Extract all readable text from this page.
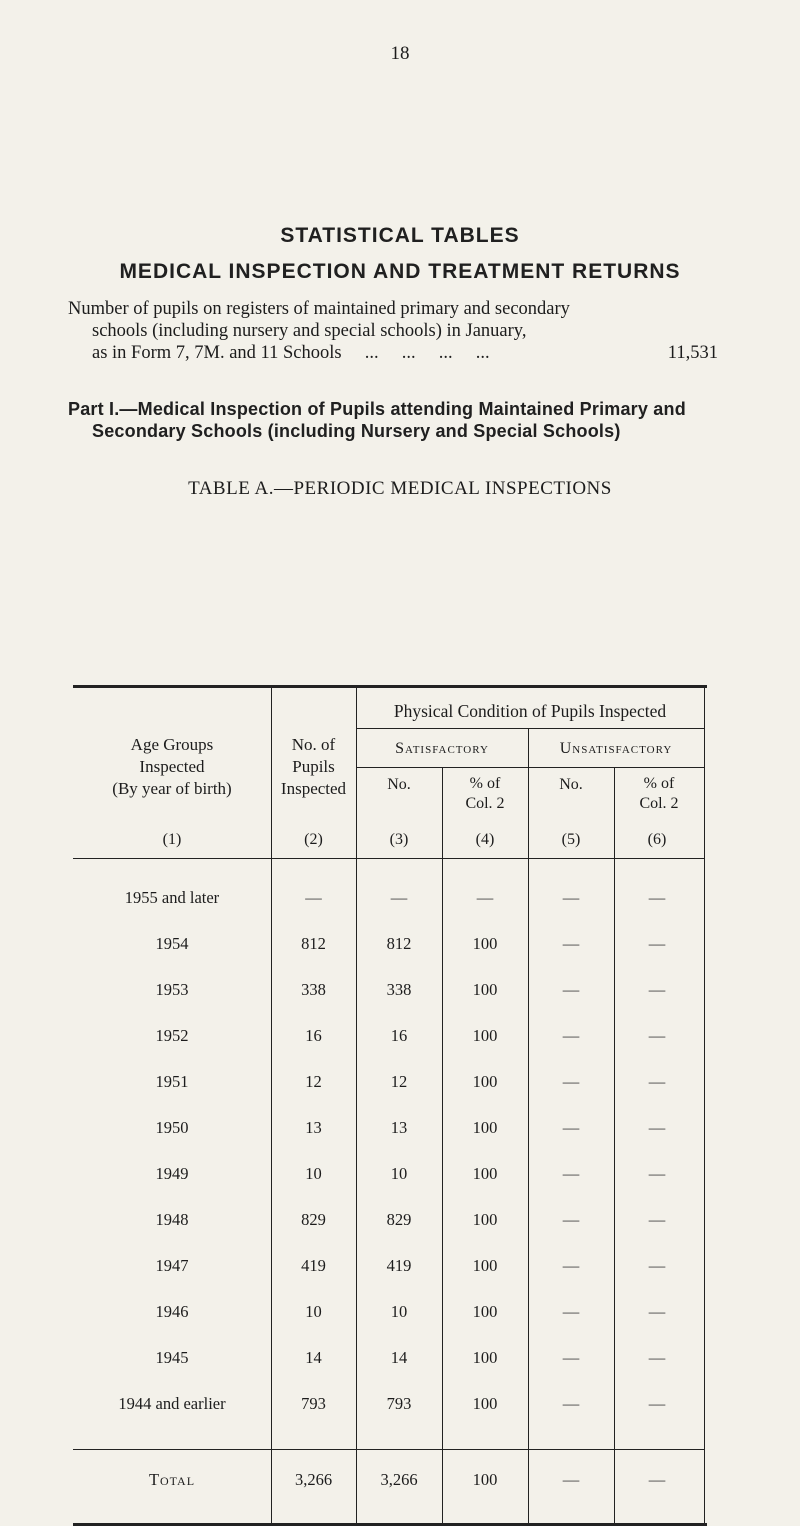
18
STATISTICAL TABLES
MEDICAL INSPECTION AND TREATMENT RETURNS
Number of pupils on registers of maintained primary and secondary
schools (including nursery and special schools) in January,
as in Form 7, 7M. and 11 Schools     ...     ...     ...     ...	11,531
Part I.—Medical Inspection of Pupils attending Maintained Primary and
Secondary Schools (including Nursery and Special Schools)
TABLE A.—PERIODIC MEDICAL INSPECTIONS
Age Groups
Inspected
(By year of birth)
No. of
Pupils
Inspected
Physical Condition of Pupils Inspected
Satisfactory	Unsatisfactory
No.	% of
Col. 2
No.	% of
Col. 2
(1)	(2)	(3)	(4)	(5)	(6)
1955 and later	—	—	—	—	—
1954	812	812	100	—	—
1953	338	338	100	—	—
1952	16	16	100	—	—
1951	12	12	100	—	—
1950	13	13	100	—	—
1949	10	10	100	—	—
1948	829	829	100	—	—
1947	419	419	100	—	—
1946	10	10	100	—	—
1945	14	14	100	—	—
1944 and earlier	793	793	100	—	—
Total	3,266	3,266	100	—	—
